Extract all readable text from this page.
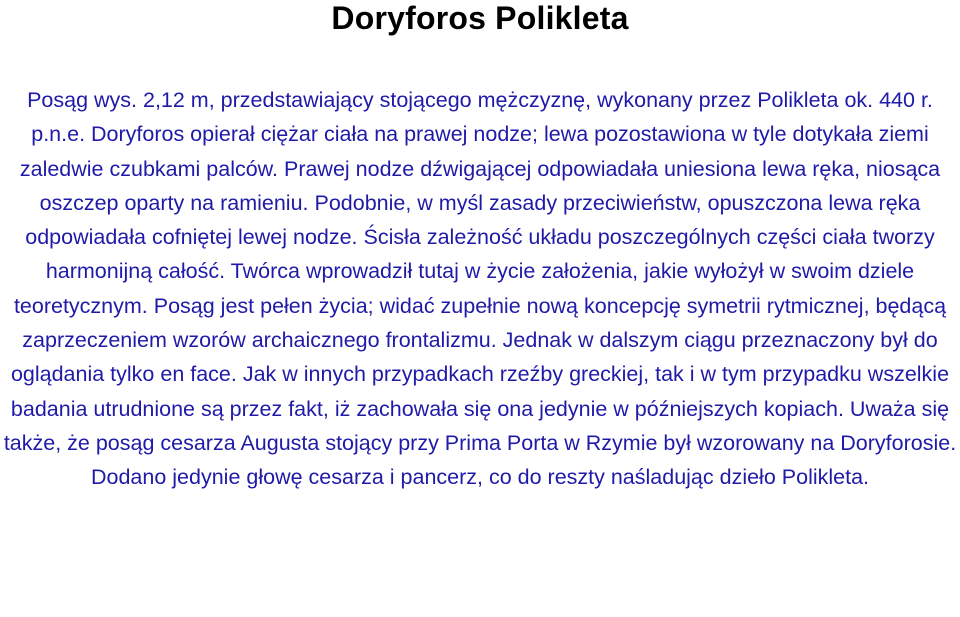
Doryforos Polikleta

Posąg wys. 2,12 m, przedstawiający stojącego mężczyznę, wykonany przez Polikleta ok. 440 r. p.n.e. Doryforos opierał ciężar ciała na prawej nodze; lewa pozostawiona w tyle dotykała ziemi zaledwie czubkami palców. Prawej nodze dźwigającej odpowiadała uniesiona lewa ręka, niosąca oszczep oparty na ramieniu. Podobnie, w myśl zasady przeciwieństw, opuszczona lewa ręka odpowiadała cofniętej lewej nodze. Ścisła zależność układu poszczególnych części ciała tworzy harmonijną całość. Twórca wprowadził tutaj w życie założenia, jakie wyłożył w swoim dziele teoretycznym. Posąg jest pełen życia; widać zupełnie nową koncepcję symetrii rytmicznej, będącą zaprzeczeniem wzorów archaicznego frontalizmu. Jednak w dalszym ciągu przeznaczony był do oglądania tylko en face. Jak w innych przypadkach rzeźby greckiej, tak i w tym przypadku wszelkie badania utrudnione są przez fakt, iż zachowała się ona jedynie w późniejszych kopiach. Uważa się także, że posąg cesarza Augusta stojący przy Prima Porta w Rzymie był wzorowany na Doryforosie. Dodano jedynie głowę cesarza i pancerz, co do reszty naśladując dzieło Polikleta.
